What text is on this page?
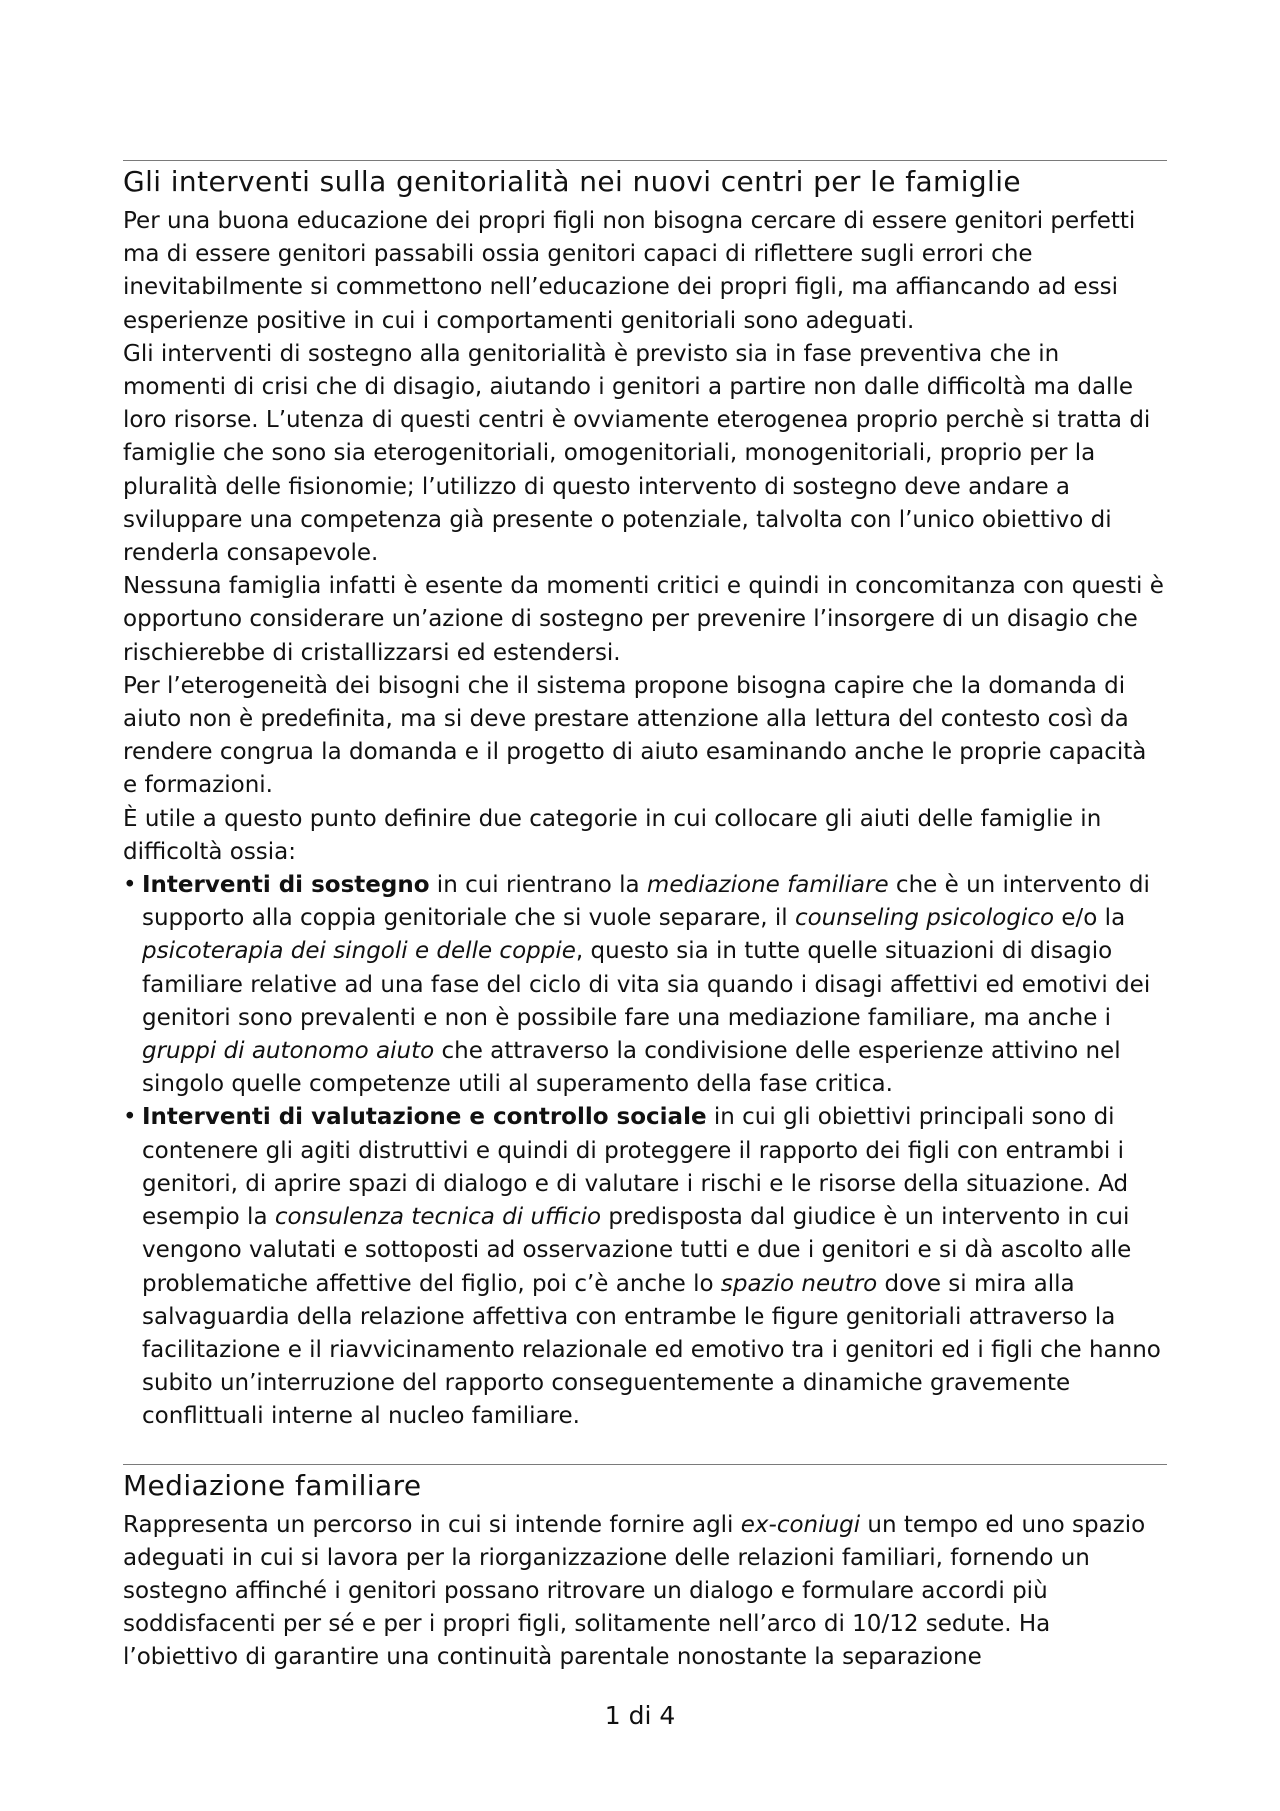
Gli interventi sulla genitorialità nei nuovi centri per le famiglie

Per una buona educazione dei propri figli non bisogna cercare di essere genitori perfetti ma di essere genitori passabili ossia genitori capaci di riflettere sugli errori che inevitabilmente si commettono nell’educazione dei propri figli, ma affiancando ad essi esperienze positive in cui i comportamenti genitoriali sono adeguati.

Gli interventi di sostegno alla genitorialità è previsto sia in fase preventiva che in momenti di crisi che di disagio, aiutando i genitori a partire non dalle difficoltà ma dalle loro risorse. L’utenza di questi centri è ovviamente eterogenea proprio perchè si tratta di famiglie che sono sia eterogenitoriali, omogenitoriali, monogenitoriali, proprio per la pluralità delle fisionomie; l’utilizzo di questo intervento di sostegno deve andare a sviluppare una competenza già presente o potenziale, talvolta con l’unico obiettivo di renderla consapevole.

Nessuna famiglia infatti è esente da momenti critici e quindi in concomitanza con questi è opportuno considerare un’azione di sostegno per prevenire l’insorgere di un disagio che rischierebbe di cristallizzarsi ed estendersi.

Per l’eterogeneità dei bisogni che il sistema propone bisogna capire che la domanda di aiuto non è predefinita, ma si deve prestare attenzione alla lettura del contesto così da rendere congrua la domanda e il progetto di aiuto esaminando anche le proprie capacità e formazioni.

È utile a questo punto definire due categorie in cui collocare gli aiuti delle famiglie in difficoltà ossia:

• Interventi di sostegno in cui rientrano la mediazione familiare che è un intervento di supporto alla coppia genitoriale che si vuole separare, il counseling psicologico e/o la psicoterapia dei singoli e delle coppie, questo sia in tutte quelle situazioni di disagio familiare relative ad una fase del ciclo di vita sia quando i disagi affettivi ed emotivi dei genitori sono prevalenti e non è possibile fare una mediazione familiare, ma anche i gruppi di autonomo aiuto che attraverso la condivisione delle esperienze attivino nel singolo quelle competenze utili al superamento della fase critica.
• Interventi di valutazione e controllo sociale in cui gli obiettivi principali sono di contenere gli agiti distruttivi e quindi di proteggere il rapporto dei figli con entrambi i genitori, di aprire spazi di dialogo e di valutare i rischi e le risorse della situazione. Ad esempio la consulenza tecnica di ufficio predisposta dal giudice è un intervento in cui vengono valutati e sottoposti ad osservazione tutti e due i genitori e si dà ascolto alle problematiche affettive del figlio, poi c’è anche lo spazio neutro dove si mira alla salvaguardia della relazione affettiva con entrambe le figure genitoriali attraverso la facilitazione e il riavvicinamento relazionale ed emotivo tra i genitori ed i figli che hanno subito un’interruzione del rapporto conseguentemente a dinamiche gravemente conflittuali interne al nucleo familiare.
Mediazione familiare

Rappresenta un percorso in cui si intende fornire agli ex-coniugi un tempo ed uno spazio adeguati in cui si lavora per la riorganizzazione delle relazioni familiari, fornendo un sostegno affinché i genitori possano ritrovare un dialogo e formulare accordi più soddisfacenti per sé e per i propri figli, solitamente nell’arco di 10/12 sedute. Ha l’obiettivo di garantire una continuità parentale nonostante la separazione

1 di 4
